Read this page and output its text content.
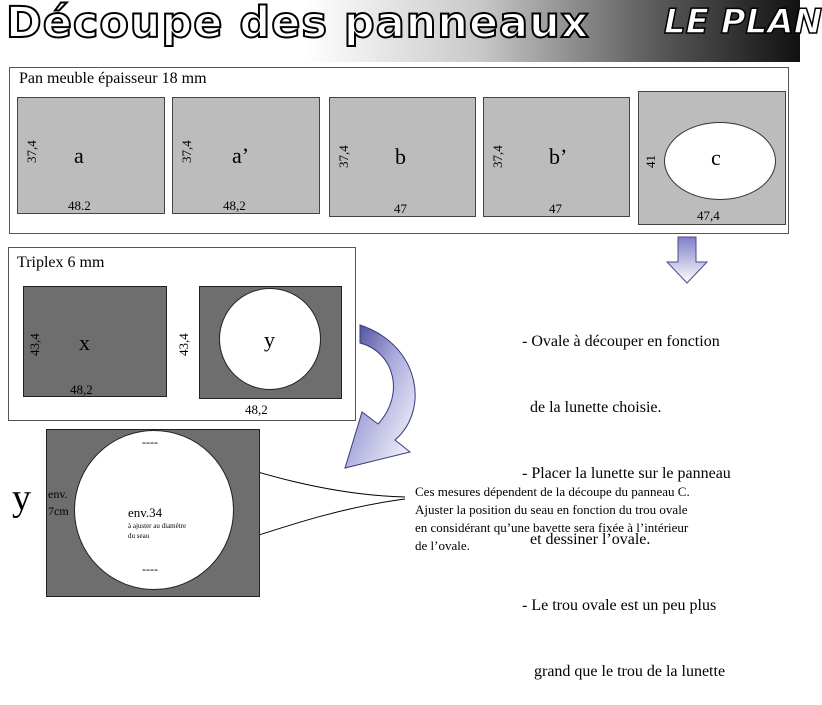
Découpe des panneaux LE PLAN
Pan meuble épaisseur 18 mm
37,4 a
48.2
37,4 a’
48,2
37,4 b
47
37,4 b’
47
41 c
47,4
Triplex 6 mm
43,4 x
48,2
43,4	y
48,2

- Ovale à découper en fonction

de la lunette choisie.

- Placer la lunette sur le panneau

et dessiner l’ovale.

- Le trou ovale est un peu plus

grand que le trou de la lunette

y
----
----
env.
7cm	env.34
à ajuster au diamètre
du seau
Ces mesures dépendent de la découpe du panneau C.
Ajuster la position du seau en fonction du trou ovale
en considérant qu’une bavette sera fixée à l’intérieur
de l’ovale.
